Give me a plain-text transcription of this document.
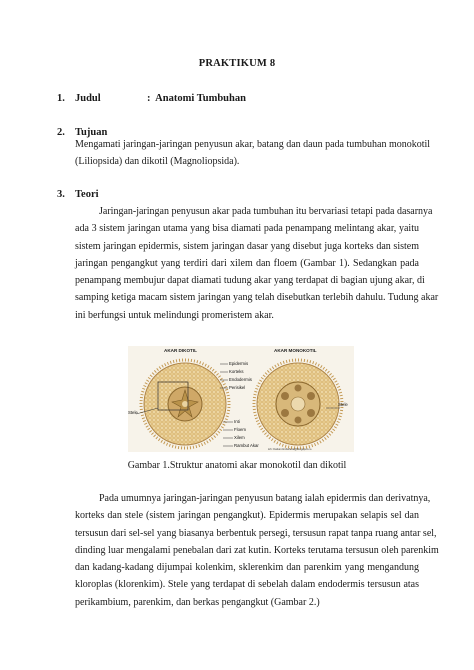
PRAKTIKUM 8
1. Judul	: Anatomi Tumbuhan
2. Tujuan
Mengamati jaringan-jaringan penyusun akar, batang dan daun pada tumbuhan monokotil
(Liliopsida) dan dikotil (Magnoliopsida).
3. Teori
Jaringan-jaringan penyusun akar pada tumbuhan itu bervariasi tetapi pada dasarnya
ada 3 sistem jaringan utama yang bisa diamati pada penampang melintang akar, yaitu
sistem jaringan epidermis, sistem jaringan dasar yang disebut juga korteks dan sistem
jaringan pengangkut yang terdiri dari xilem dan floem (Gambar 1). Sedangkan pada
penampang membujur dapat diamati tudung akar yang terdapat di bagian ujung akar, di
samping ketiga macam sistem jaringan yang telah disebutkan terlebih dahulu. Tudung akar
ini berfungsi untuk melindungi promeristem akar.
AKAR DIKOTIL	AKAR MONOKOTIL
Epidermis
Korteks
Endodermis
Perisikel
Stele
Stele
Inti
Floem
Xilem
Rambut Akar
Lih: Kaliumrimbaheta@blogspot.co
Gambar 1.Struktur anatomi akar monokotil dan dikotil
Pada umumnya jaringan-jaringan penyusun batang ialah epidermis dan derivatnya,
korteks dan stele (sistem jaringan pengangkut). Epidermis merupakan selapis sel dan
tersusun dari sel-sel yang biasanya berbentuk persegi, tersusun rapat tanpa ruang antar sel,
dinding luar mengalami penebalan dari zat kutin. Korteks terutama tersusun oleh parenkim
dan kadang-kadang dijumpai kolenkim, sklerenkim dan parenkim yang mengandung
kloroplas (klorenkim). Stele yang terdapat di sebelah dalam endodermis tersusun atas
perikambium, parenkim, dan berkas pengangkut (Gambar 2.)
